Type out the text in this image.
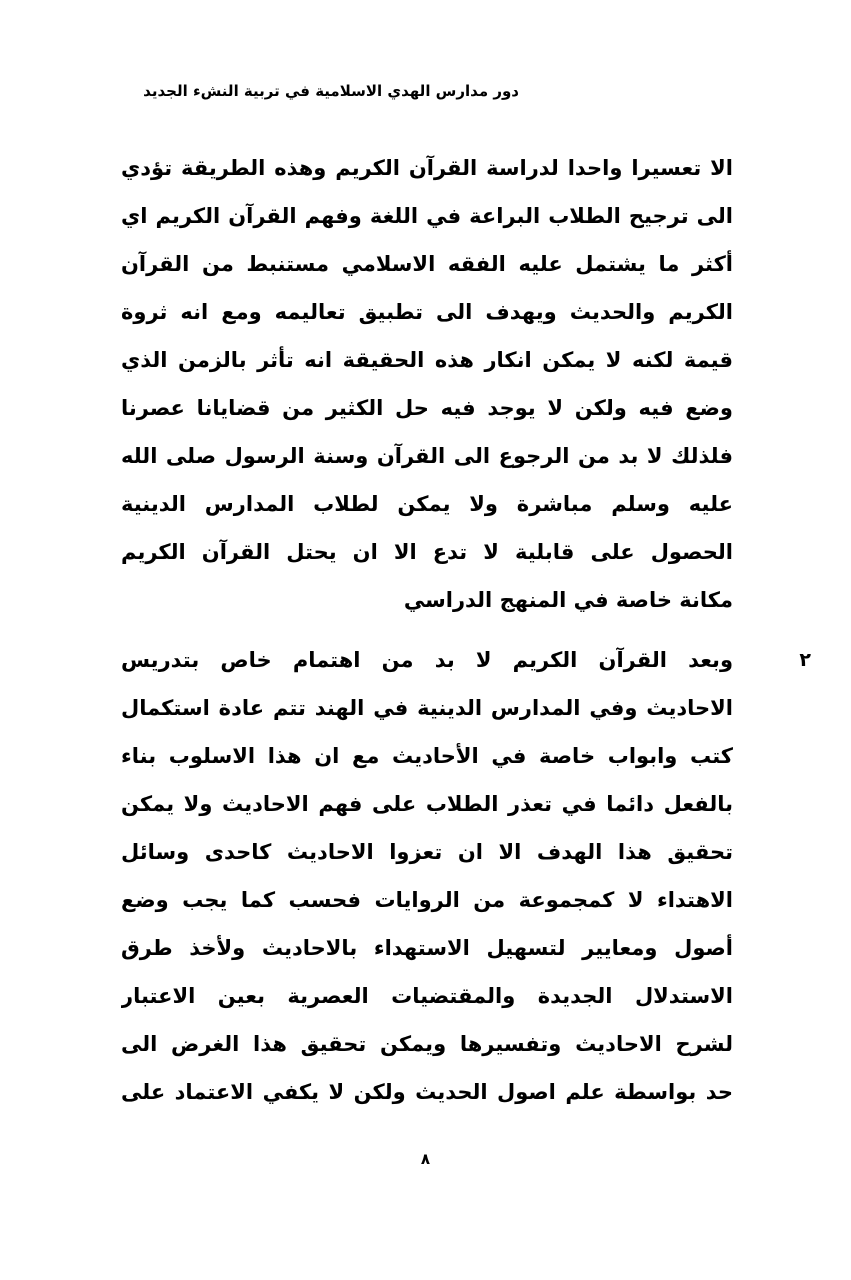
دور مدارس الهدي الاسلامية في تربية النشء الجديد
الا تعسيرا واحدا لدراسة القرآن الكريم وهذه الطريقة تؤدي
الى ترجيح الطلاب البراعة في اللغة وفهم القرآن الكريم اي
أكثر ما يشتمل عليه الفقه الاسلامي مستنبط من القرآن
الكريم والحديث ويهدف الى تطبيق تعاليمه ومع انه ثروة
قيمة لكنه لا يمكن انكار هذه الحقيقة انه تأثر بالزمن الذي
وضع فيه ولكن لا يوجد فيه حل الكثير من قضايانا عصرنا
فلذلك لا بد من الرجوع الى القرآن وسنة الرسول صلى الله
عليه وسلم مباشرة ولا يمكن لطلاب المدارس الدينية
الحصول على قابلية لا تدع الا ان يحتل القرآن الكريم
مكانة خاصة في المنهج الدراسي
٢
وبعد القرآن الكريم لا بد من اهتمام خاص بتدريس
الاحاديث وفي المدارس الدينية في الهند تتم عادة استكمال
كتب وابواب خاصة في الأحاديث مع ان هذا الاسلوب بناء
بالفعل دائما في تعذر الطلاب على فهم الاحاديث ولا يمكن
تحقيق هذا الهدف الا ان تعزوا الاحاديث كاحدى وسائل
الاهتداء لا كمجموعة من الروايات فحسب كما يجب وضع
أصول ومعايير لتسهيل الاستهداء بالاحاديث ولأخذ طرق
الاستدلال الجديدة والمقتضيات العصرية بعين الاعتبار
لشرح الاحاديث وتفسيرها ويمكن تحقيق هذا الغرض الى
حد بواسطة علم اصول الحديث ولكن لا يكفي الاعتماد على
٨
